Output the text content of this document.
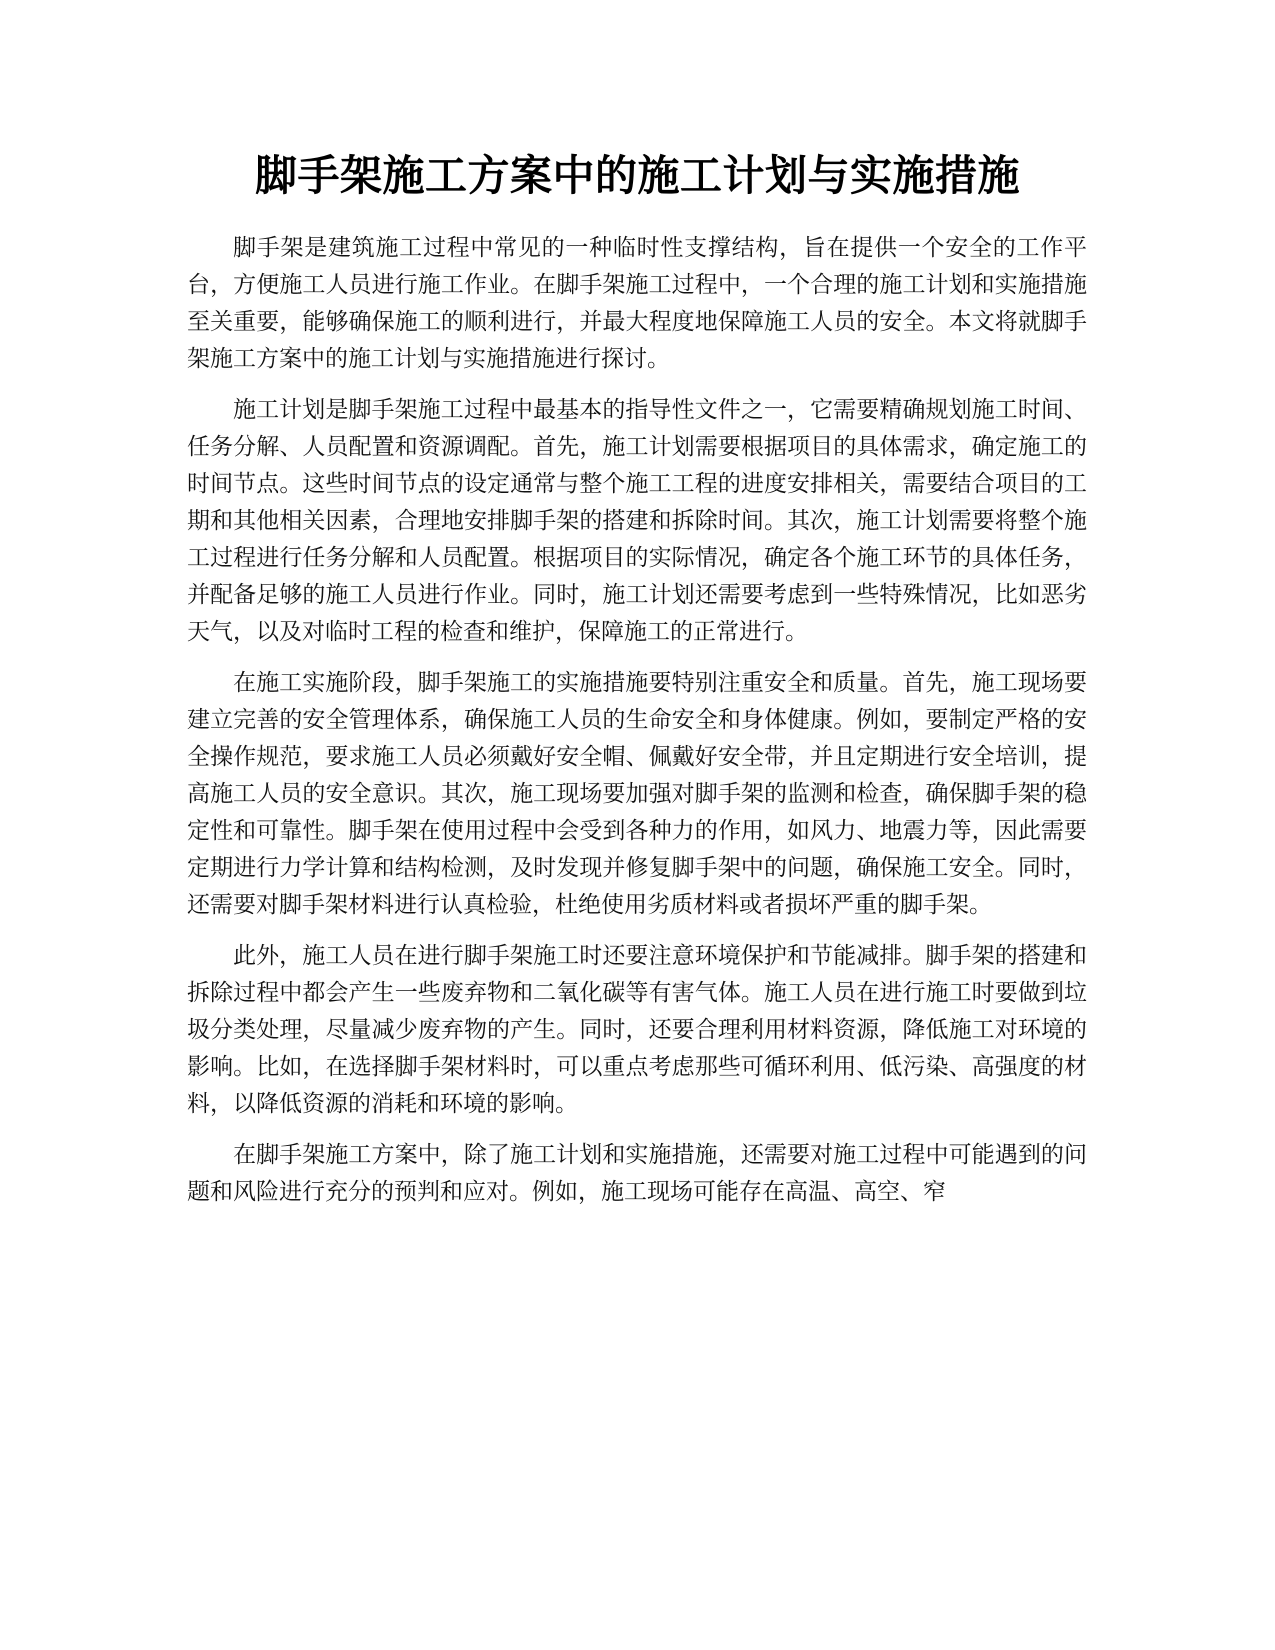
脚手架施工方案中的施工计划与实施措施

脚手架是建筑施工过程中常见的一种临时性支撑结构，旨在提供一个安全的工作平台，方便施工人员进行施工作业。在脚手架施工过程中，一个合理的施工计划和实施措施至关重要，能够确保施工的顺利进行，并最大程度地保障施工人员的安全。本文将就脚手架施工方案中的施工计划与实施措施进行探讨。

施工计划是脚手架施工过程中最基本的指导性文件之一，它需要精确规划施工时间、任务分解、人员配置和资源调配。首先，施工计划需要根据项目的具体需求，确定施工的时间节点。这些时间节点的设定通常与整个施工工程的进度安排相关，需要结合项目的工期和其他相关因素，合理地安排脚手架的搭建和拆除时间。其次，施工计划需要将整个施工过程进行任务分解和人员配置。根据项目的实际情况，确定各个施工环节的具体任务，并配备足够的施工人员进行作业。同时，施工计划还需要考虑到一些特殊情况，比如恶劣天气，以及对临时工程的检查和维护，保障施工的正常进行。

在施工实施阶段，脚手架施工的实施措施要特别注重安全和质量。首先，施工现场要建立完善的安全管理体系，确保施工人员的生命安全和身体健康。例如，要制定严格的安全操作规范，要求施工人员必须戴好安全帽、佩戴好安全带，并且定期进行安全培训，提高施工人员的安全意识。其次，施工现场要加强对脚手架的监测和检查，确保脚手架的稳定性和可靠性。脚手架在使用过程中会受到各种力的作用，如风力、地震力等，因此需要定期进行力学计算和结构检测，及时发现并修复脚手架中的问题，确保施工安全。同时，还需要对脚手架材料进行认真检验，杜绝使用劣质材料或者损坏严重的脚手架。

此外，施工人员在进行脚手架施工时还要注意环境保护和节能减排。脚手架的搭建和拆除过程中都会产生一些废弃物和二氧化碳等有害气体。施工人员在进行施工时要做到垃圾分类处理，尽量减少废弃物的产生。同时，还要合理利用材料资源，降低施工对环境的影响。比如，在选择脚手架材料时，可以重点考虑那些可循环利用、低污染、高强度的材料，以降低资源的消耗和环境的影响。

在脚手架施工方案中，除了施工计划和实施措施，还需要对施工过程中可能遇到的问题和风险进行充分的预判和应对。例如，施工现场可能存在高温、高空、窄
